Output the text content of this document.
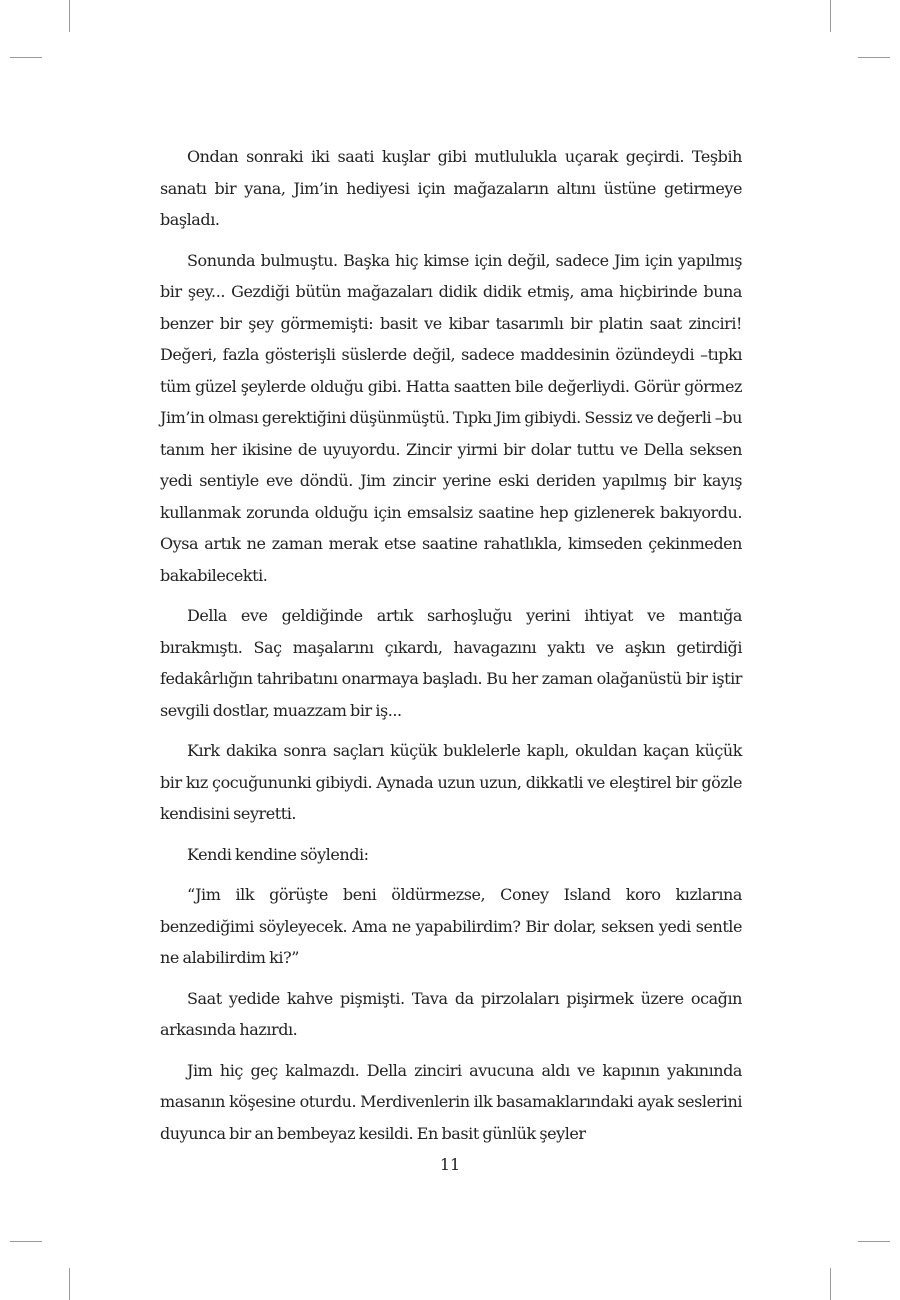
Ondan sonraki iki saati kuşlar gibi mutlulukla uçarak geçirdi. Teşbih sanatı bir yana, Jim’in hediyesi için mağazaların altını üstüne getirmeye başladı.

Sonunda bulmuştu. Başka hiç kimse için değil, sadece Jim için yapılmış bir şey... Gezdiği bütün mağazaları didik didik etmiş, ama hiçbirinde buna benzer bir şey görmemişti: basit ve kibar tasarımlı bir platin saat zinciri! Değeri, fazla gösterişli süslerde değil, sadece maddesinin özündeydi –tıpkı tüm güzel şeylerde olduğu gibi. Hatta saatten bile değerliydi. Görür görmez Jim’in olması gerektiğini düşünmüştü. Tıpkı Jim gibiydi. Sessiz ve değerli –bu tanım her ikisine de uyuyordu. Zincir yirmi bir dolar tuttu ve Della seksen yedi sentiyle eve döndü. Jim zincir yerine eski deriden yapılmış bir kayış kullanmak zorunda olduğu için emsalsiz saatine hep gizlenerek bakıyordu. Oysa artık ne zaman merak etse saatine rahatlıkla, kimseden çekinmeden bakabilecekti.

Della eve geldiğinde artık sarhoşluğu yerini ihtiyat ve mantığa bırakmıştı. Saç maşalarını çıkardı, havagazını yaktı ve aşkın getirdiği fedakârlığın tahribatını onarmaya başladı. Bu her zaman olağanüstü bir iştir sevgili dostlar, muazzam bir iş...

Kırk dakika sonra saçları küçük buklelerle kaplı, okuldan kaçan küçük bir kız çocuğununki gibiydi. Aynada uzun uzun, dikkatli ve eleştirel bir gözle kendisini seyretti.

Kendi kendine söylendi:

“Jim ilk görüşte beni öldürmezse, Coney Island koro kızlarına benzediğimi söyleyecek. Ama ne yapabilirdim? Bir dolar, seksen yedi sentle ne alabilirdim ki?”

Saat yedide kahve pişmişti. Tava da pirzolaları pişirmek üzere ocağın arkasında hazırdı.

Jim hiç geç kalmazdı. Della zinciri avucuna aldı ve kapının yakınında masanın köşesine oturdu. Merdivenlerin ilk basamaklarındaki ayak seslerini duyunca bir an bembeyaz kesildi. En basit günlük şeyler

11
